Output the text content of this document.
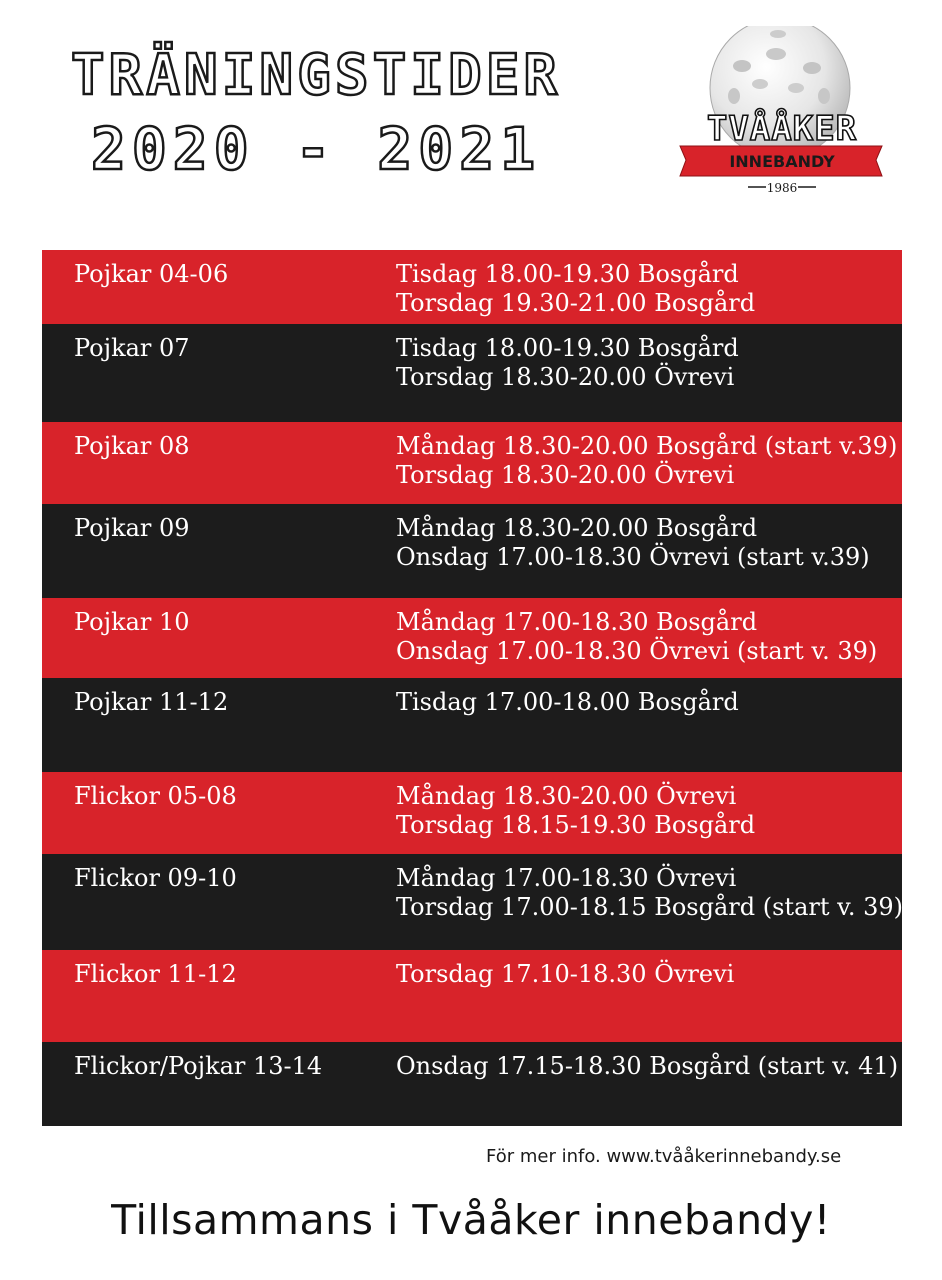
TRÄNINGSTIDER
2020 - 2021	TVÅÅKER
INNEBANDY
1986
Pojkar 04-06	Tisdag 18.00-19.30 Bosgård
Torsdag 19.30-21.00 Bosgård
Pojkar 07	Tisdag 18.00-19.30 Bosgård
Torsdag 18.30-20.00 Övrevi
Pojkar 08	Måndag 18.30-20.00 Bosgård (start v.39)
Torsdag 18.30-20.00 Övrevi
Pojkar 09	Måndag 18.30-20.00 Bosgård
Onsdag 17.00-18.30 Övrevi (start v.39)
Pojkar 10	Måndag 17.00-18.30 Bosgård
Onsdag 17.00-18.30 Övrevi (start v. 39)
Pojkar 11-12	Tisdag 17.00-18.00 Bosgård
Flickor 05-08	Måndag 18.30-20.00 Övrevi
Torsdag 18.15-19.30 Bosgård
Flickor 09-10	Måndag 17.00-18.30 Övrevi
Torsdag 17.00-18.15 Bosgård (start v. 39)
Flickor 11-12	Torsdag 17.10-18.30 Övrevi
Flickor/Pojkar 13-14	Onsdag 17.15-18.30 Bosgård (start v. 41)
För mer info. www.tvååkerinnebandy.se
Tillsammans i Tvååker innebandy!
